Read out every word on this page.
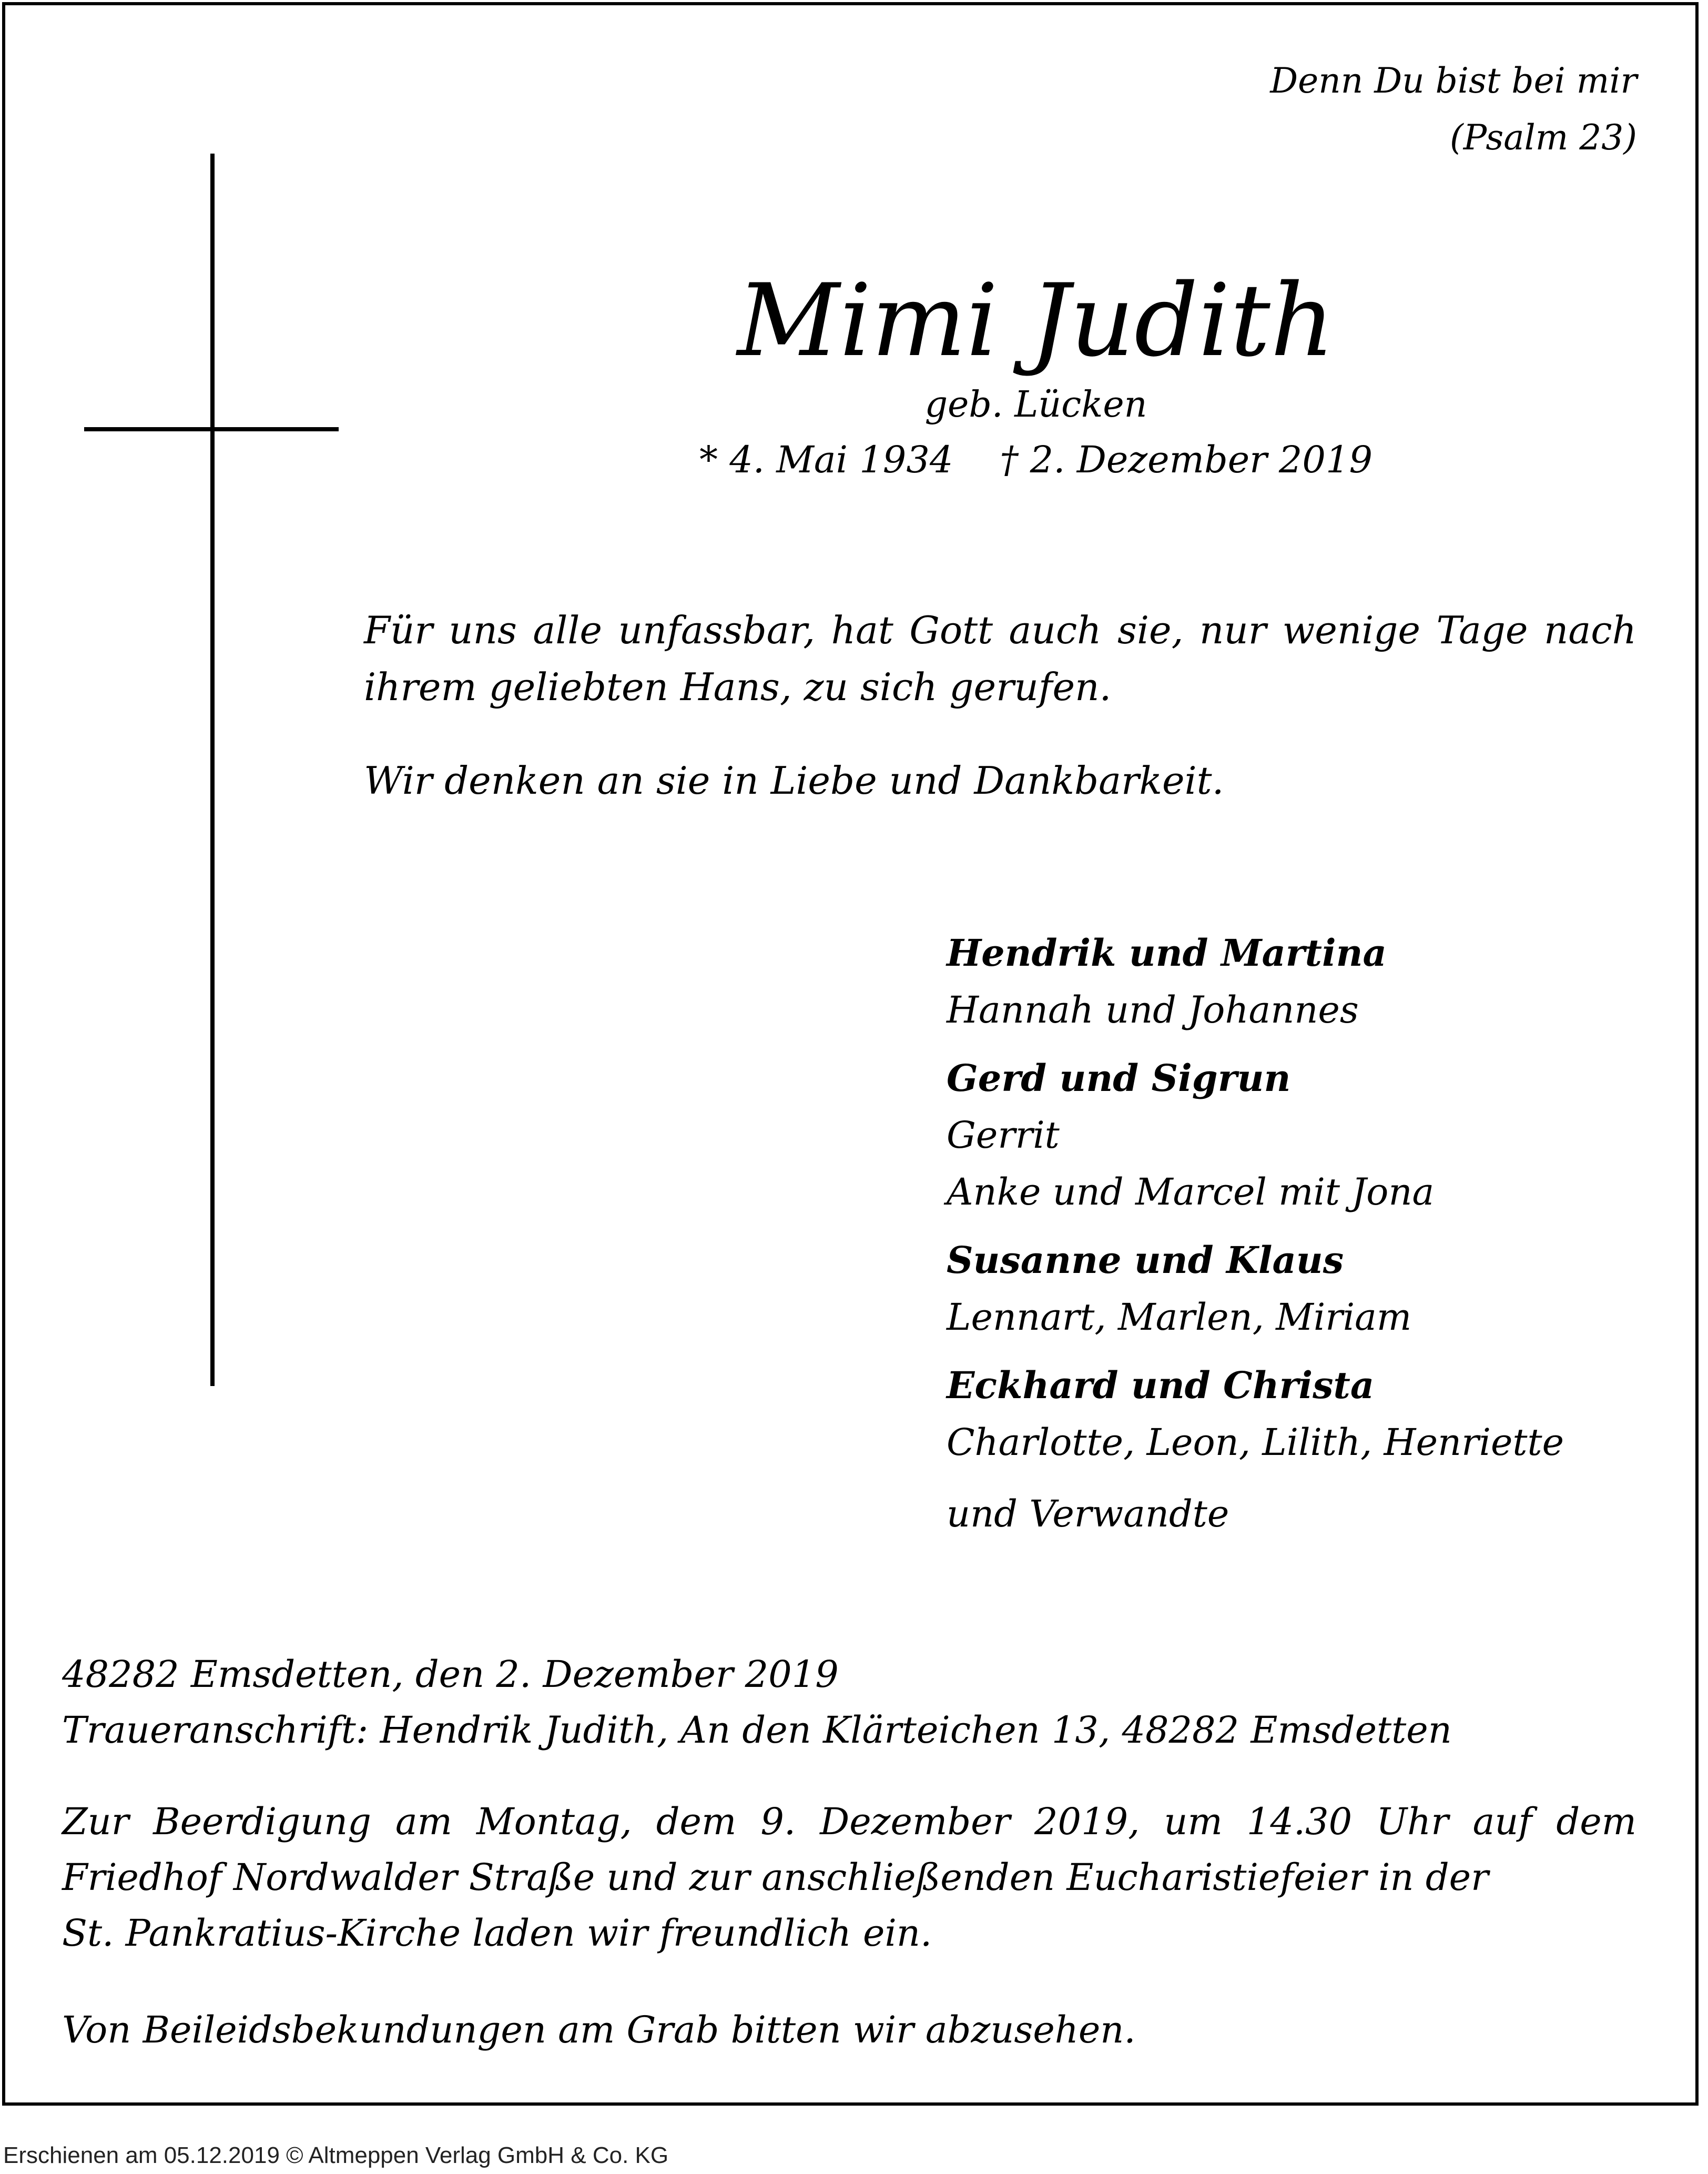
Denn Du bist bei mir
(Psalm 23)
Mimi Judith
geb. Lücken
* 4. Mai 1934    † 2. Dezember 2019

Für uns alle unfassbar, hat Gott auch sie, nur wenige Tage nach ihrem geliebten Hans, zu sich gerufen.

Wir denken an sie in Liebe und Dankbarkeit.

Hendrik und Martina
Hannah und Johannes
Gerd und Sigrun
Gerrit
Anke und Marcel mit Jona
Susanne und Klaus
Lennart, Marlen, Miriam
Eckhard und Christa
Charlotte, Leon, Lilith, Henriette
und Verwandte
48282 Emsdetten, den 2. Dezember 2019
Traueranschrift: Hendrik Judith, An den Klärteichen 13, 48282 Emsdetten
Zur Beerdigung am Montag, dem 9. Dezember 2019, um 14.30 Uhr auf dem
Friedhof Nordwalder Straße und zur anschließenden Eucharistiefeier in der
St. Pankratius-Kirche laden wir freundlich ein.
Von Beileidsbekundungen am Grab bitten wir abzusehen.
Erschienen am 05.12.2019 © Altmeppen Verlag GmbH & Co. KG
